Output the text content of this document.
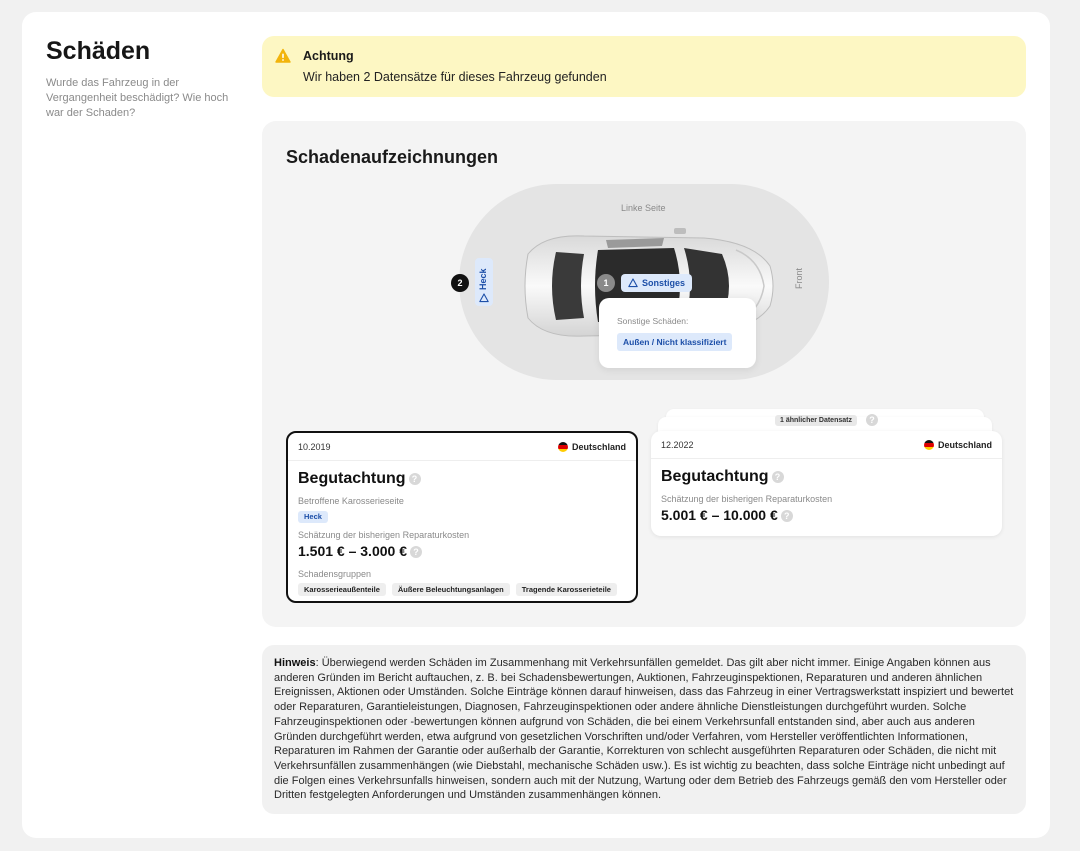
Schäden

Wurde das Fahrzeug in der Vergangenheit beschädigt? Wie hoch war der Schaden?

Achtung
Wir haben 2 Datensätze für dieses Fahrzeug gefunden
Schadenaufzeichnungen
Linke Seite
Front
Heck
2	1	Sonstiges
Sonstige Schäden:
Außen / Nicht klassifiziert
1 ähnlicher Datensatz	?
10.2019	Deutschland
Begutachtung ?
Betroffene Karosserieseite
Heck
Schätzung der bisherigen Reparaturkosten
1.501 € – 3.000 € ?
Schadensgruppen
Karosserieaußenteile	Äußere Beleuchtungsanlagen	Tragende Karosserieteile
12.2022	Deutschland
Begutachtung ?
Schätzung der bisherigen Reparaturkosten
5.001 € – 10.000 € ?
Hinweis: Überwiegend werden Schäden im Zusammenhang mit Verkehrsunfällen gemeldet. Das gilt aber nicht immer. Einige Angaben können aus anderen Gründen im Bericht auftauchen, z. B. bei Schadensbewertungen, Auktionen, Fahrzeuginspektionen, Reparaturen und anderen ähnlichen Ereignissen, Aktionen oder Umständen. Solche Einträge können darauf hinweisen, dass das Fahrzeug in einer Vertragswerkstatt inspiziert und bewertet oder Reparaturen, Garantieleistungen, Diagnosen, Fahrzeuginspektionen oder andere ähnliche Dienstleistungen durchgeführt wurden. Solche Fahrzeuginspektionen oder -bewertungen können aufgrund von Schäden, die bei einem Verkehrsunfall entstanden sind, aber auch aus anderen Gründen durchgeführt werden, etwa aufgrund von gesetzlichen Vorschriften und/oder Verfahren, vom Hersteller veröffentlichten Informationen, Reparaturen im Rahmen der Garantie oder außerhalb der Garantie, Korrekturen von schlecht ausgeführten Reparaturen oder Schäden, die nicht mit Verkehrsunfällen zusammenhängen (wie Diebstahl, mechanische Schäden usw.). Es ist wichtig zu beachten, dass solche Einträge nicht unbedingt auf die Folgen eines Verkehrsunfalls hinweisen, sondern auch mit der Nutzung, Wartung oder dem Betrieb des Fahrzeugs gemäß den vom Hersteller oder Dritten festgelegten Anforderungen und Umständen zusammenhängen können.
